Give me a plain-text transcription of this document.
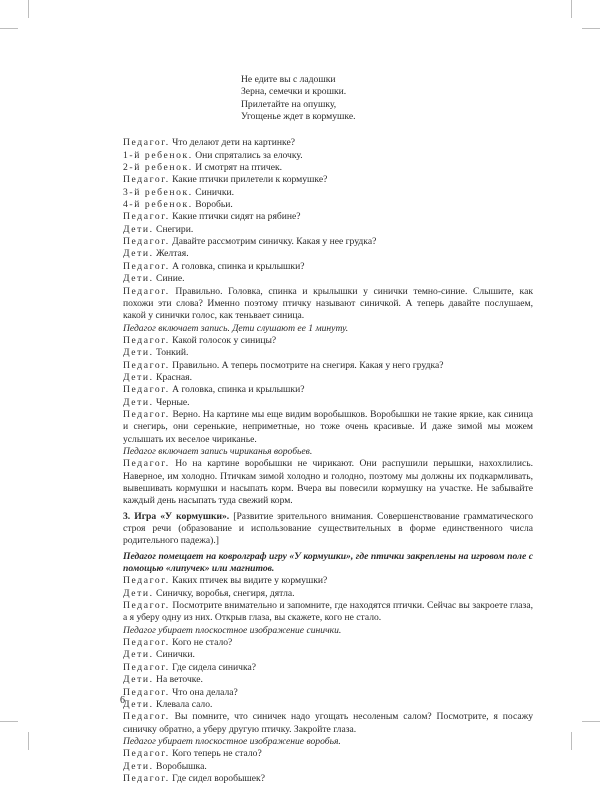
Не едите вы с ладошки
Зерна, семечки и крошки.
Прилетайте на опушку,
Угощенье ждет в кормушке.
Педагог. Что делают дети на картинке?
1-й ребенок. Они спрятались за елочку.
2-й ребенок. И смотрят на птичек.
Педагог. Какие птички прилетели к кормушке?
3-й ребенок. Синички.
4-й ребенок. Воробьи.
Педагог. Какие птички сидят на рябине?
Дети. Снегири.
Педагог. Давайте рассмотрим синичку. Какая у нее грудка?
Дети. Желтая.
Педагог. А головка, спинка и крылышки?
Дети. Синие.
Педагог. Правильно. Головка, спинка и крылышки у синички темно-синие. Слышите, как похожи эти слова? Именно поэтому птичку называют синичкой. А теперь давайте послушаем, какой у синички голос, как теньвает синица.
Педагог включает запись. Дети слушают ее 1 минуту.
Педагог. Какой голосок у синицы?
Дети. Тонкий.
Педагог. Правильно. А теперь посмотрите на снегиря. Какая у него грудка?
Дети. Красная.
Педагог. А головка, спинка и крылышки?
Дети. Черные.
Педагог. Верно. На картине мы еще видим воробышков. Воробышки не такие яркие, как синица и снегирь, они серенькие, неприметные, но тоже очень красивые. И даже зимой мы можем услышать их веселое чириканье.
Педагог включает запись чириканья воробьев.
Педагог. Но на картине воробышки не чирикают. Они распушили перышки, нахохлились. Наверное, им холодно. Птичкам зимой холодно и голодно, поэтому мы должны их подкармливать, вывешивать кормушки и насыпать корм. Вчера вы повесили кормушку на участке. Не забывайте каждый день насыпать туда свежий корм.
3. Игра «У кормушки». [Развитие зрительного внимания. Совершенствование грамматического строя речи (образование и использование существительных в форме единственного числа родительного падежа).]
Педагог помещает на ковролграф игру «У кормушки», где птички закреплены на игровом поле с помощью «липучек» или магнитов.
Педагог. Каких птичек вы видите у кормушки?
Дети. Синичку, воробья, снегиря, дятла.
Педагог. Посмотрите внимательно и запомните, где находятся птички. Сейчас вы закроете глаза, а я уберу одну из них. Открыв глаза, вы скажете, кого не стало.
Педагог убирает плоскостное изображение синички.
Педагог. Кого не стало?
Дети. Синички.
Педагог. Где сидела синичка?
Дети. На веточке.
Педагог. Что она делала?
Дети. Клевала сало.
Педагог. Вы помните, что синичек надо угощать несоленым салом? Посмотрите, я посажу синичку обратно, а уберу другую птичку. Закройте глаза.
Педагог убирает плоскостное изображение воробья.
Педагог. Кого теперь не стало?
Дети. Воробышка.
Педагог. Где сидел воробышек?
6
